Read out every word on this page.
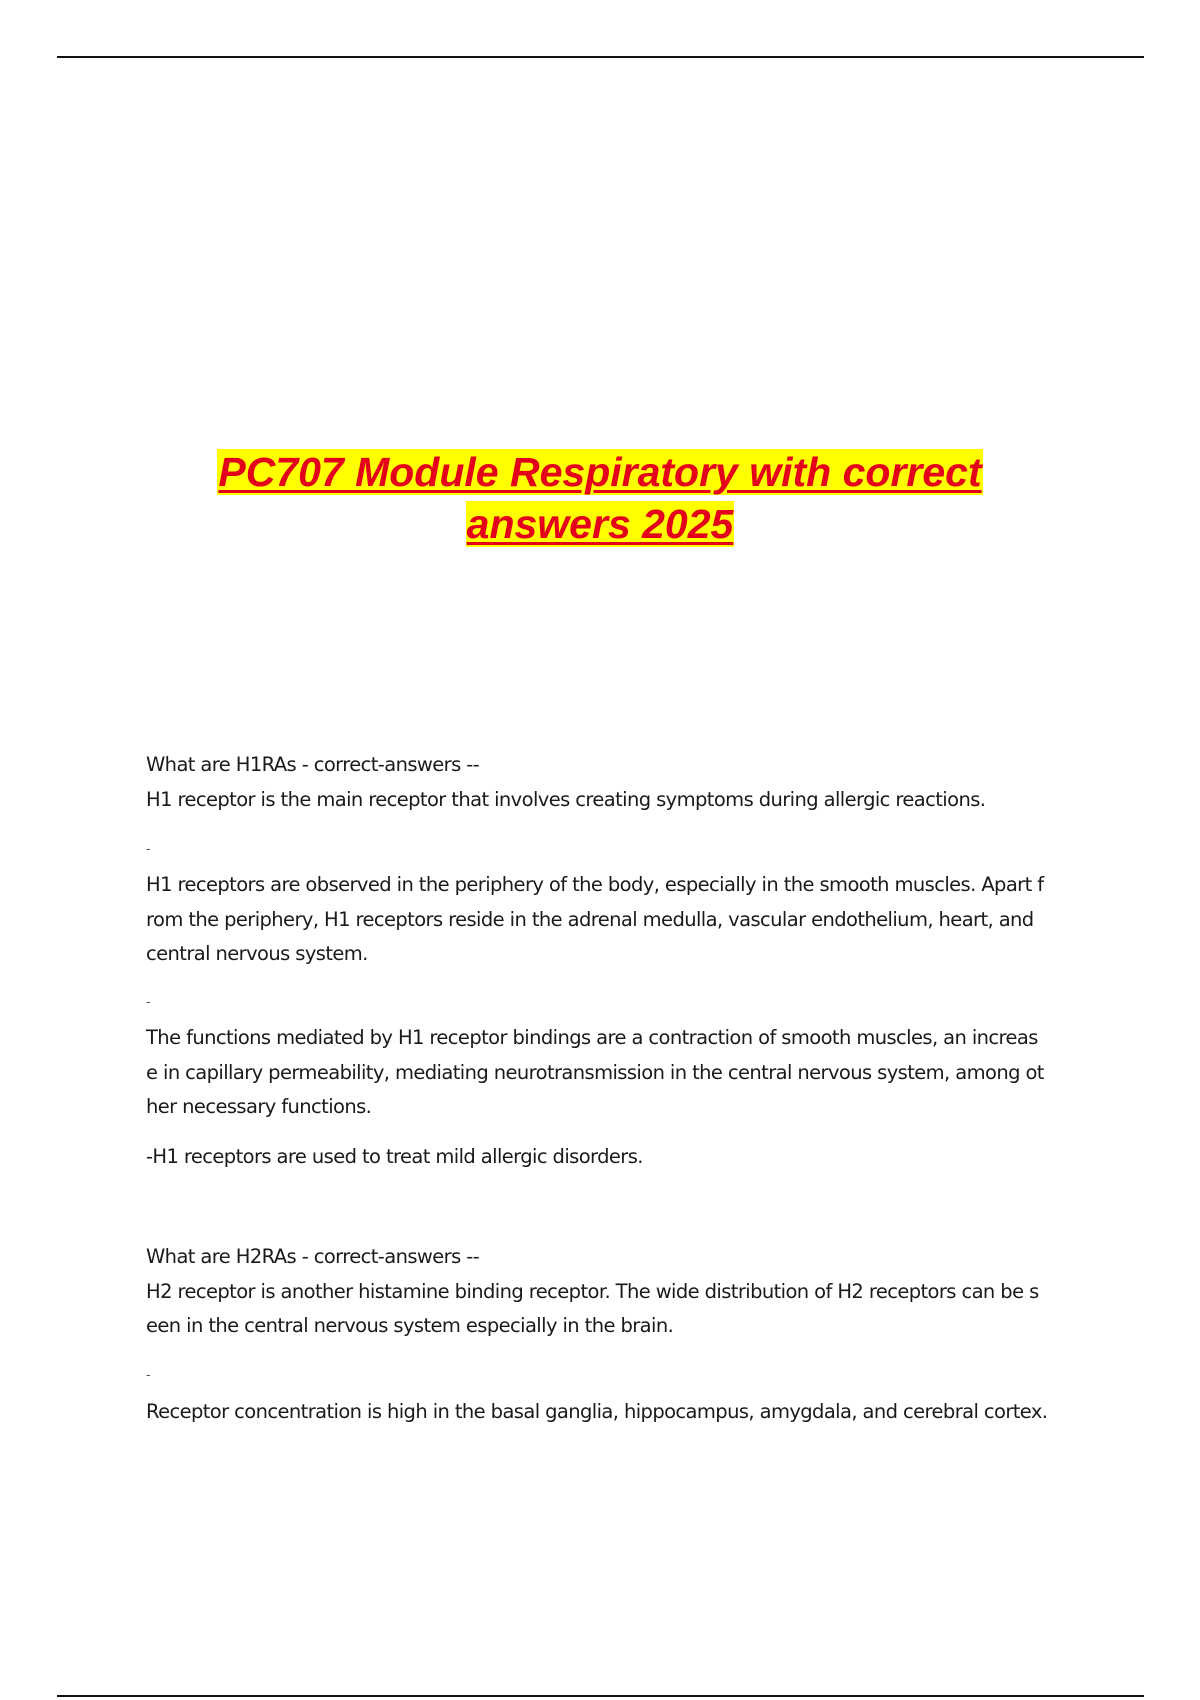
PC707 Module Respiratory with correct
answers 2025

What are H1RAs - correct-answers --

H1 receptor is the main receptor that involves creating symptoms during allergic reactions.

-

H1 receptors are observed in the periphery of the body, especially in the smooth muscles. Apart f

rom the periphery, H1 receptors reside in the adrenal medulla, vascular endothelium, heart, and

central nervous system.

-

The functions mediated by H1 receptor bindings are a contraction of smooth muscles, an increas

e in capillary permeability, mediating neurotransmission in the central nervous system, among ot

her necessary functions.

-H1 receptors are used to treat mild allergic disorders.

What are H2RAs - correct-answers --

H2 receptor is another histamine binding receptor. The wide distribution of H2 receptors can be s

een in the central nervous system especially in the brain.

-

Receptor concentration is high in the basal ganglia, hippocampus, amygdala, and cerebral cortex.
